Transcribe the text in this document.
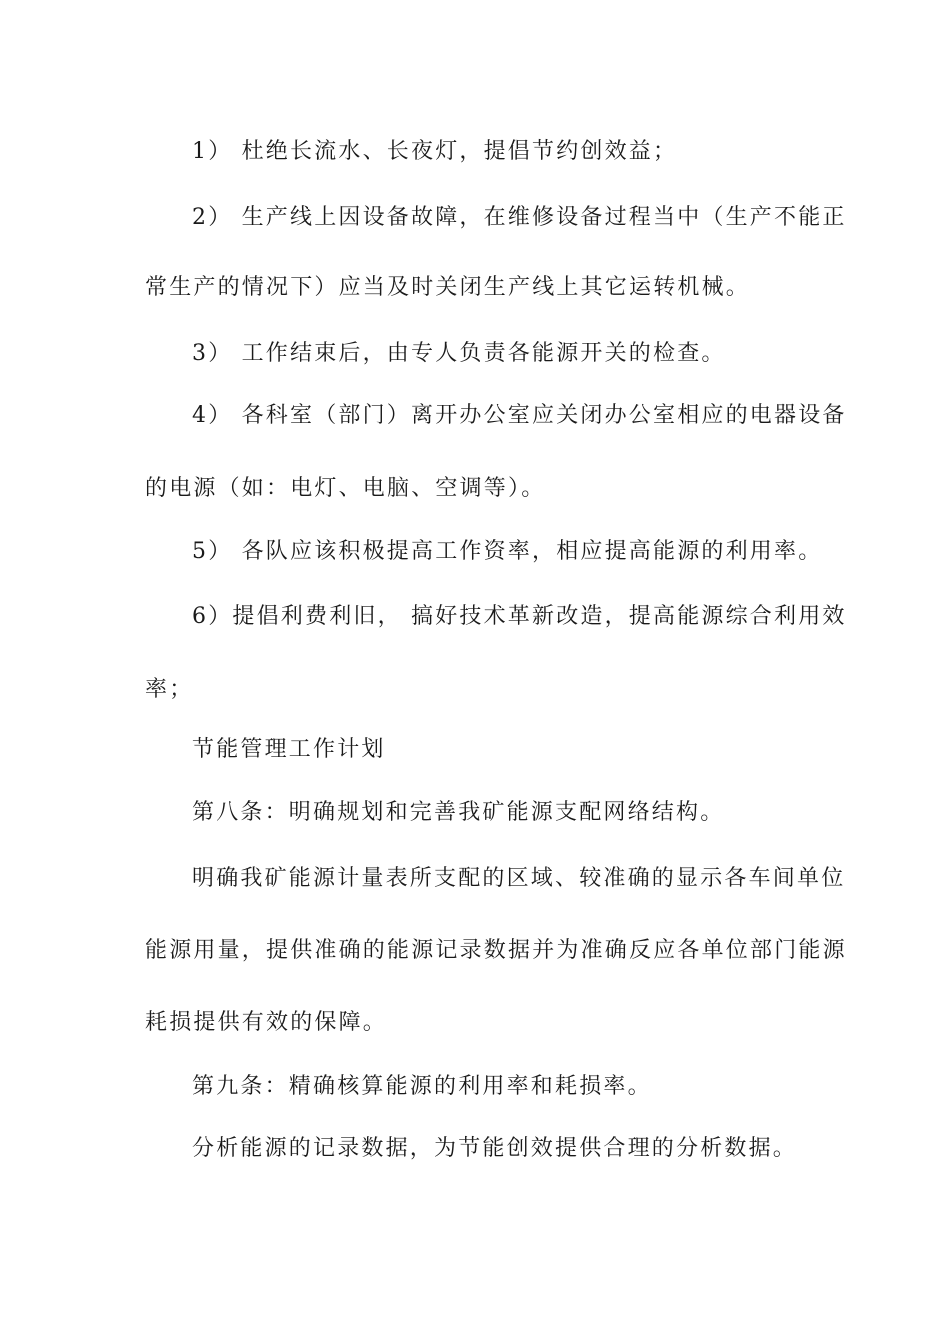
1） 杜绝长流水、长夜灯，提倡节约创效益；
2） 生产线上因设备故障，在维修设备过程当中（生产不能正
常生产的情况下）应当及时关闭生产线上其它运转机械。
3） 工作结束后，由专人负责各能源开关的检查。
4） 各科室（部门）离开办公室应关闭办公室相应的电器设备
的电源（如：电灯、电脑、空调等）。
5） 各队应该积极提高工作资率，相应提高能源的利用率。
6）提倡利费利旧， 搞好技术革新改造，提高能源综合利用效
率；
节能管理工作计划
第八条：明确规划和完善我矿能源支配网络结构。
明确我矿能源计量表所支配的区域、较准确的显示各车间单位
能源用量，提供准确的能源记录数据并为准确反应各单位部门能源
耗损提供有效的保障。
第九条：精确核算能源的利用率和耗损率。
分析能源的记录数据，为节能创效提供合理的分析数据。
